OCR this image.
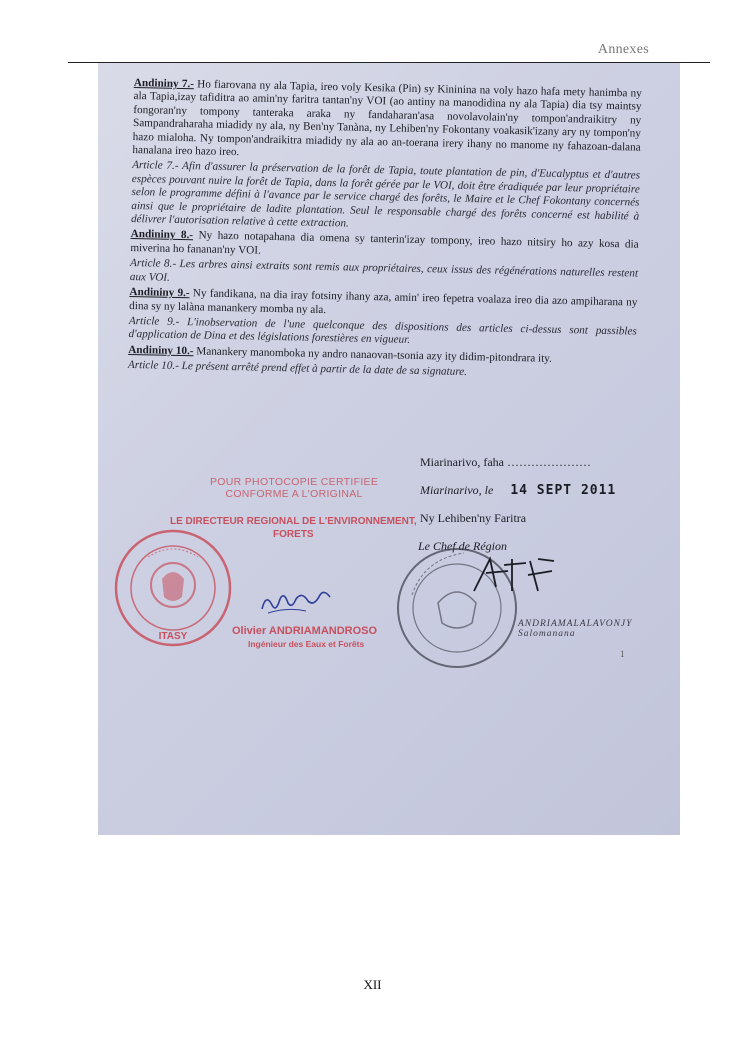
Annexes

Andininy 7.- Ho fiarovana ny ala Tapia, ireo voly Kesika (Pin) sy Kininina na voly hazo hafa mety hanimba ny ala Tapia,izay tafiditra ao amin'ny faritra tantan'ny VOI (ao antiny na manodidina ny ala Tapia) dia tsy maintsy fongoran'ny tompony tanteraka araka ny fandaharan'asa novolavolain'ny tompon'andraikitry ny Sampandraharaha miadidy ny ala, ny Ben'ny Tanàna, ny Lehiben'ny Fokontany voakasik'izany ary ny tompon'ny hazo mialoha. Ny tompon'andraikitra miadidy ny ala ao an-toerana irery ihany no manome ny fahazoan-dalana hanalana ireo hazo ireo.

Article 7.- Afin d'assurer la préservation de la forêt de Tapia, toute plantation de pin, d'Eucalyptus et d'autres espèces pouvant nuire la forêt de Tapia, dans la forêt gérée par le VOI, doit être éradiquée par leur propriétaire selon le programme défini à l'avance par le service chargé des forêts, le Maire et le Chef Fokontany concernés ainsi que le propriétaire de ladite plantation. Seul le responsable chargé des forêts concerné est habilité à délivrer l'autorisation relative à cette extraction.

Andininy 8.- Ny hazo notapahana dia omena sy tanterin'izay tompony, ireo hazo nitsiry ho azy kosa dia miverina ho fananan'ny VOI.

Article 8.- Les arbres ainsi extraits sont remis aux propriétaires, ceux issus des régénérations naturelles restent aux VOI.

Andininy 9.- Ny fandikana, na dia iray fotsiny ihany aza, amin' ireo fepetra voalaza ireo dia azo ampiharana ny dina sy ny lalàna manankery momba ny ala.

Article 9.- L'inobservation de l'une quelconque des dispositions des articles ci-dessus sont passibles d'application de Dina et des législations forestières en vigueur.

Andininy 10.- Manankery manomboka ny andro nanaovan-tsonia azy ity didim-pitondrara ity.

Article 10.- Le présent arrêté prend effet à partir de la date de sa signature.

Miarinarivo, faha …………………
Miarinarivo, le 14 SEPT 2011
Ny Lehiben'ny Faritra
Le Chef de Région
POUR PHOTOCOPIE CERTIFIEE
CONFORME A L'ORIGINAL
LE DIRECTEUR REGIONAL DE L'ENVIRONNEMENT,
FORETS
ITASY	Olivier ANDRIAMANDROSO
Ingénieur des Eaux et Forêts
ANDRIAMALALAVONJY Salomanana
1
XII
